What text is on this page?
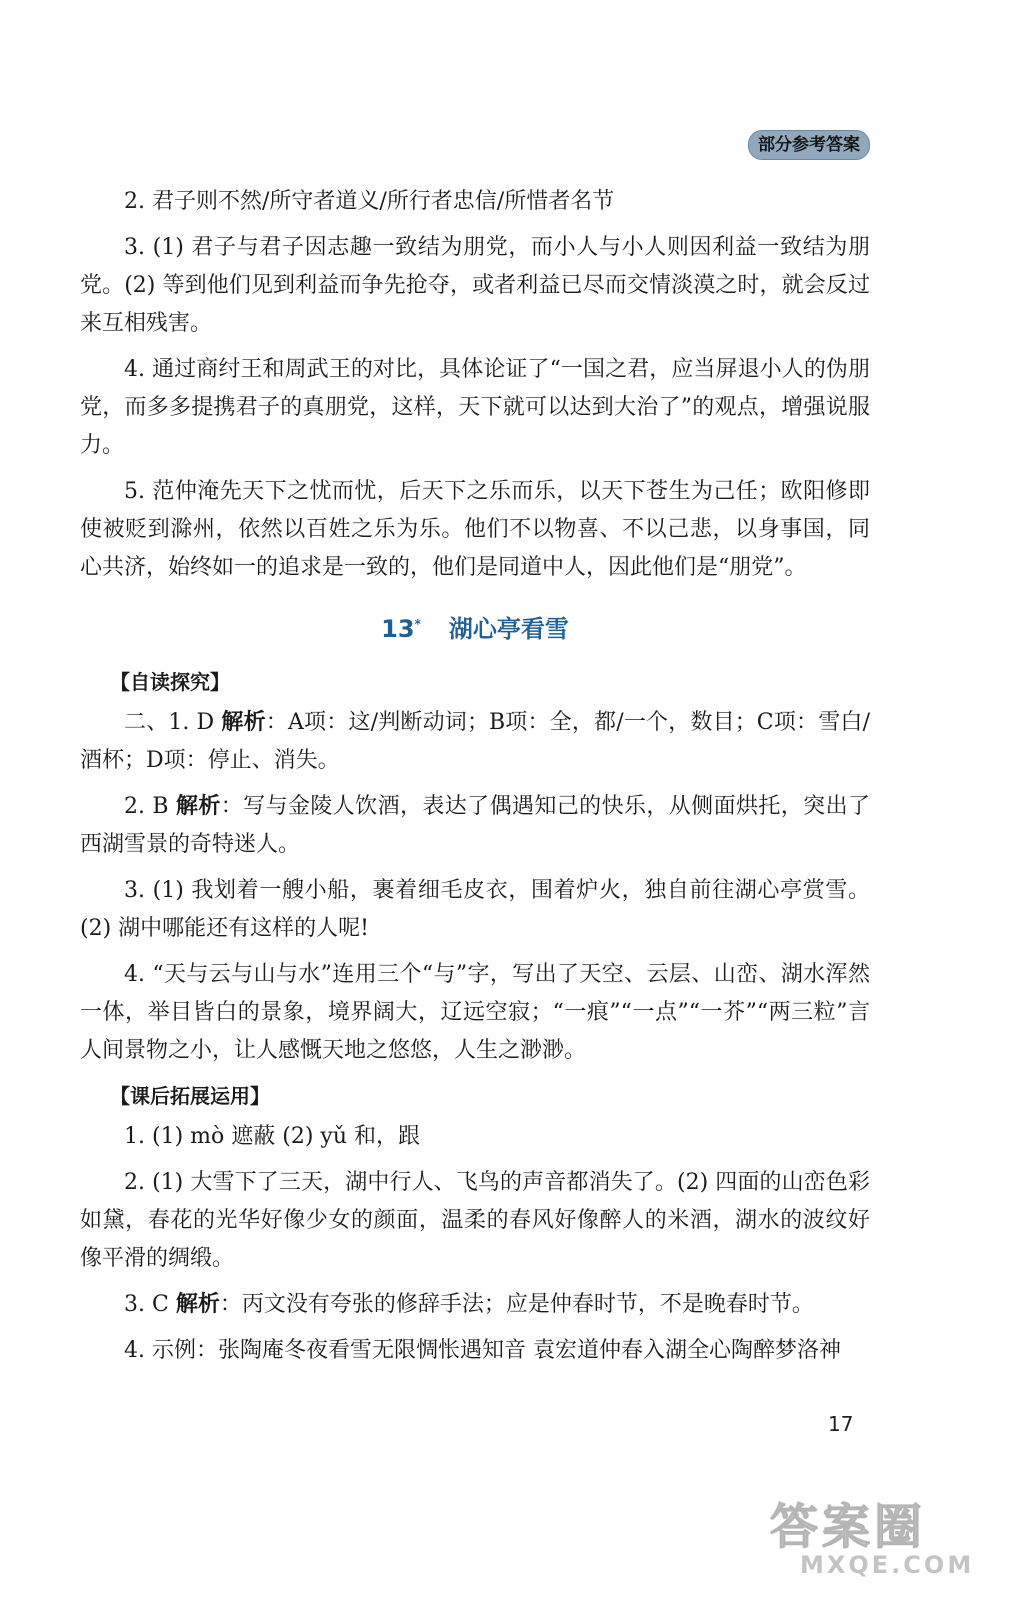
部分参考答案

2. 君子则不然/所守者道义/所行者忠信/所惜者名节

3. (1) 君子与君子因志趣一致结为朋党，而小人与小人则因利益一致结为朋党。(2) 等到他们见到利益而争先抢夺，或者利益已尽而交情淡漠之时，就会反过来互相残害。

4. 通过商纣王和周武王的对比，具体论证了“一国之君，应当屏退小人的伪朋党，而多多提携君子的真朋党，这样，天下就可以达到大治了”的观点，增强说服力。

5. 范仲淹先天下之忧而忧，后天下之乐而乐，以天下苍生为己任；欧阳修即使被贬到滁州，依然以百姓之乐为乐。他们不以物喜、不以己悲，以身事国，同心共济，始终如一的追求是一致的，他们是同道中人，因此他们是“朋党”。

13* 湖心亭看雪
【自读探究】

二、1. D 解析：A项：这/判断动词；B项：全，都/一个，数目；C项：雪白/酒杯；D项：停止、消失。

2. B 解析：写与金陵人饮酒，表达了偶遇知己的快乐，从侧面烘托，突出了西湖雪景的奇特迷人。

3. (1) 我划着一艘小船，裹着细毛皮衣，围着炉火，独自前往湖心亭赏雪。(2) 湖中哪能还有这样的人呢!

4. “天与云与山与水”连用三个“与”字，写出了天空、云层、山峦、湖水浑然一体，举目皆白的景象，境界阔大，辽远空寂；“一痕”“一点”“一芥”“两三粒”言人间景物之小，让人感慨天地之悠悠，人生之渺渺。

【课后拓展运用】

1. (1) mò 遮蔽 (2) yǔ 和，跟

2. (1) 大雪下了三天，湖中行人、飞鸟的声音都消失了。(2) 四面的山峦色彩如黛，春花的光华好像少女的颜面，温柔的春风好像醉人的米酒，湖水的波纹好像平滑的绸缎。

3. C 解析：丙文没有夸张的修辞手法；应是仲春时节，不是晚春时节。

4. 示例：张陶庵冬夜看雪无限惆怅遇知音 袁宏道仲春入湖全心陶醉梦洛神

17
答案圈
MXQE.COM
